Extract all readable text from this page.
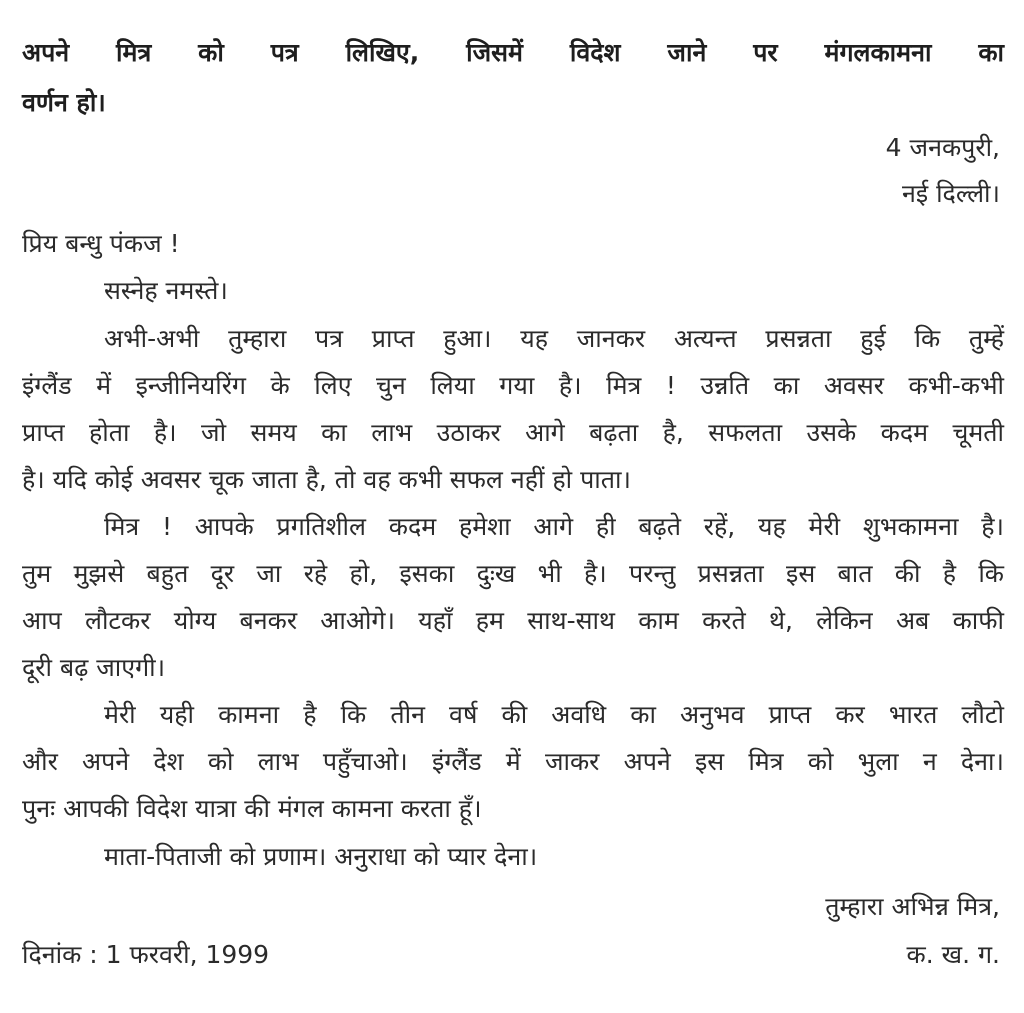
अपने मित्र को पत्र लिखिए, जिसमें विदेश जाने पर मंगलकामना का
वर्णन हो।
4 जनकपुरी,
नई दिल्ली।
प्रिय बन्धु पंकज !
सस्नेह नमस्ते।
अभी-अभी तुम्हारा पत्र प्राप्त हुआ। यह जानकर अत्यन्त प्रसन्नता हुई कि तुम्हें
इंग्लैंड में इन्जीनियरिंग के लिए चुन लिया गया है। मित्र ! उन्नति का अवसर कभी-कभी
प्राप्त होता है। जो समय का लाभ उठाकर आगे बढ़ता है, सफलता उसके कदम चूमती
है। यदि कोई अवसर चूक जाता है, तो वह कभी सफल नहीं हो पाता।
मित्र ! आपके प्रगतिशील कदम हमेशा आगे ही बढ़ते रहें, यह मेरी शुभकामना है।
तुम मुझसे बहुत दूर जा रहे हो, इसका दुःख भी है। परन्तु प्रसन्नता इस बात की है कि
आप लौटकर योग्य बनकर आओगे। यहाँ हम साथ-साथ काम करते थे, लेकिन अब काफी
दूरी बढ़ जाएगी।
मेरी यही कामना है कि तीन वर्ष की अवधि का अनुभव प्राप्त कर भारत लौटो
और अपने देश को लाभ पहुँचाओ। इंग्लैंड में जाकर अपने इस मित्र को भुला न देना।
पुनः आपकी विदेश यात्रा की मंगल कामना करता हूँ।
माता-पिताजी को प्रणाम। अनुराधा को प्यार देना।
तुम्हारा अभिन्न मित्र,
दिनांक : 1 फरवरी, 1999	क. ख. ग.
